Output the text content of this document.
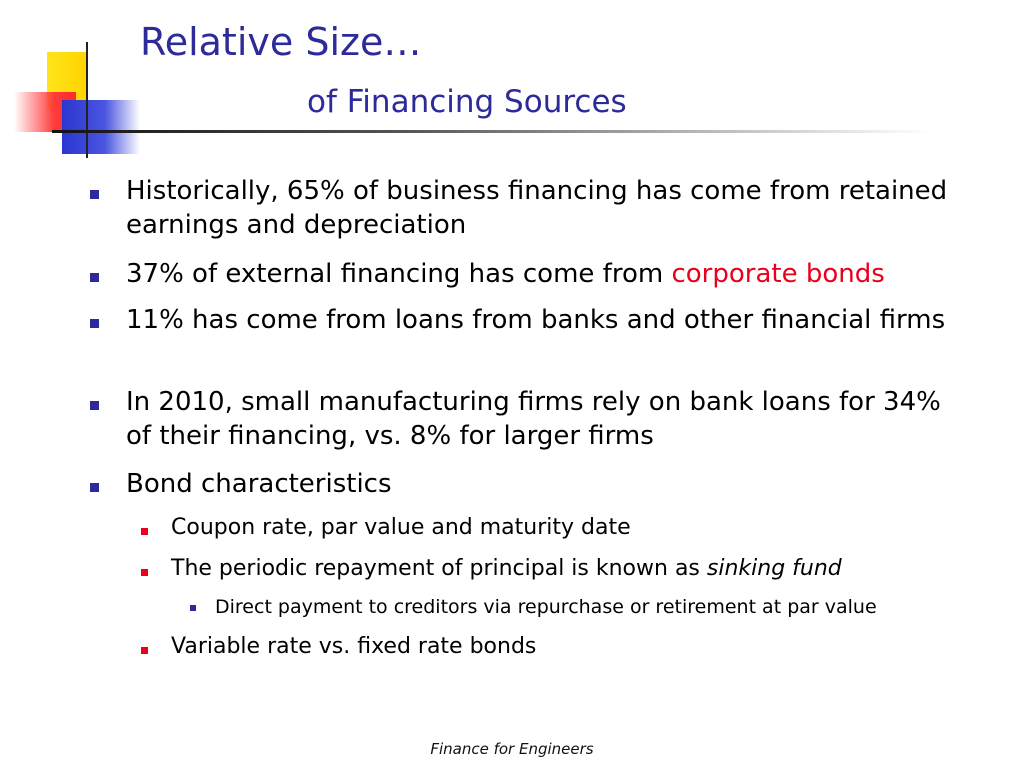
Relative Size…
of Financing Sources
Historically, 65% of business financing has come from retained earnings and depreciation
37% of external financing has come from corporate bonds
11% has come from loans from banks and other financial firms
In 2010, small manufacturing firms rely on bank loans for 34% of their financing, vs. 8% for larger firms
Bond characteristics
Coupon rate, par value and maturity date
The periodic repayment of principal is known as sinking fund
Direct payment to creditors via repurchase or retirement at par value
Variable rate vs. fixed rate bonds
Finance for Engineers
